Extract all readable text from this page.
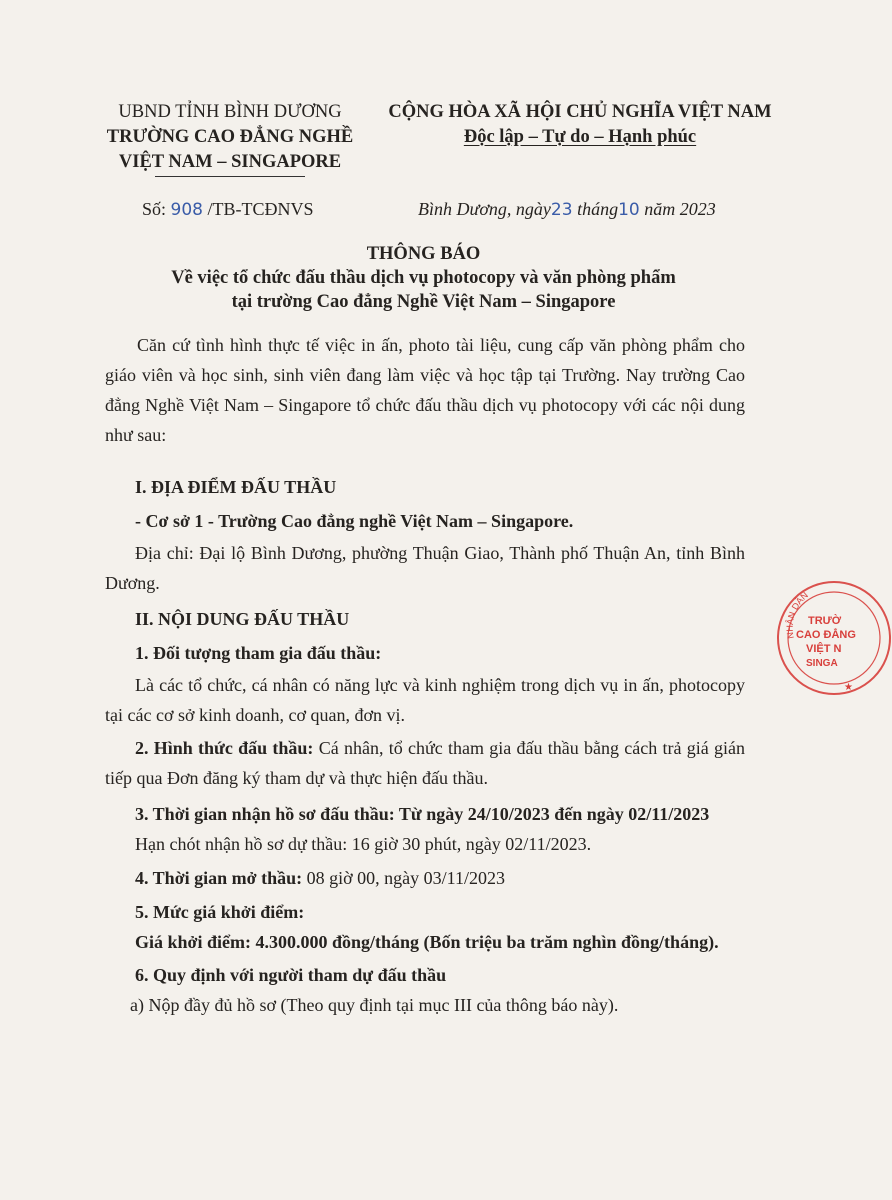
UBND TỈNH BÌNH DƯƠNG
TRƯỜNG CAO ĐẲNG NGHỀ
VIỆT NAM – SINGAPORE
CỘNG HÒA XÃ HỘI CHỦ NGHĨA VIỆT NAM
Độc lập – Tự do – Hạnh phúc
Số: 908 /TB-TCĐNVS	Bình Dương, ngày23 tháng10 năm 2023
THÔNG BÁO
Về việc tổ chức đấu thầu dịch vụ photocopy và văn phòng phẩm
tại trường Cao đẳng Nghề Việt Nam – Singapore

Căn cứ tình hình thực tế việc in ấn, photo tài liệu, cung cấp văn phòng phẩm cho giáo viên và học sinh, sinh viên đang làm việc và học tập tại Trường. Nay trường Cao đẳng Nghề Việt Nam – Singapore tổ chức đấu thầu dịch vụ photocopy với các nội dung như sau:

I. ĐỊA ĐIỂM ĐẤU THẦU

- Cơ sở 1 - Trường Cao đẳng nghề Việt Nam – Singapore.

Địa chỉ: Đại lộ Bình Dương, phường Thuận Giao, Thành phố Thuận An, tỉnh Bình Dương.

II. NỘI DUNG ĐẤU THẦU

1. Đối tượng tham gia đấu thầu:

Là các tổ chức, cá nhân có năng lực và kinh nghiệm trong dịch vụ in ấn, photocopy tại các cơ sở kinh doanh, cơ quan, đơn vị.

2. Hình thức đấu thầu: Cá nhân, tổ chức tham gia đấu thầu bằng cách trả giá gián tiếp qua Đơn đăng ký tham dự và thực hiện đấu thầu.

3. Thời gian nhận hồ sơ đấu thầu: Từ ngày 24/10/2023 đến ngày 02/11/2023

Hạn chót nhận hồ sơ dự thầu: 16 giờ 30 phút, ngày 02/11/2023.

4. Thời gian mở thầu: 08 giờ 00, ngày 03/11/2023

5. Mức giá khởi điểm:

Giá khởi điểm: 4.300.000 đồng/tháng (Bốn triệu ba trăm nghìn đồng/tháng).

6. Quy định với người tham dự đấu thầu

a) Nộp đầy đủ hồ sơ (Theo quy định tại mục III của thông báo này).

NHÂN DÂN
TRƯỜ
CAO ĐẲNG
VIỆT N
SINGA
★
